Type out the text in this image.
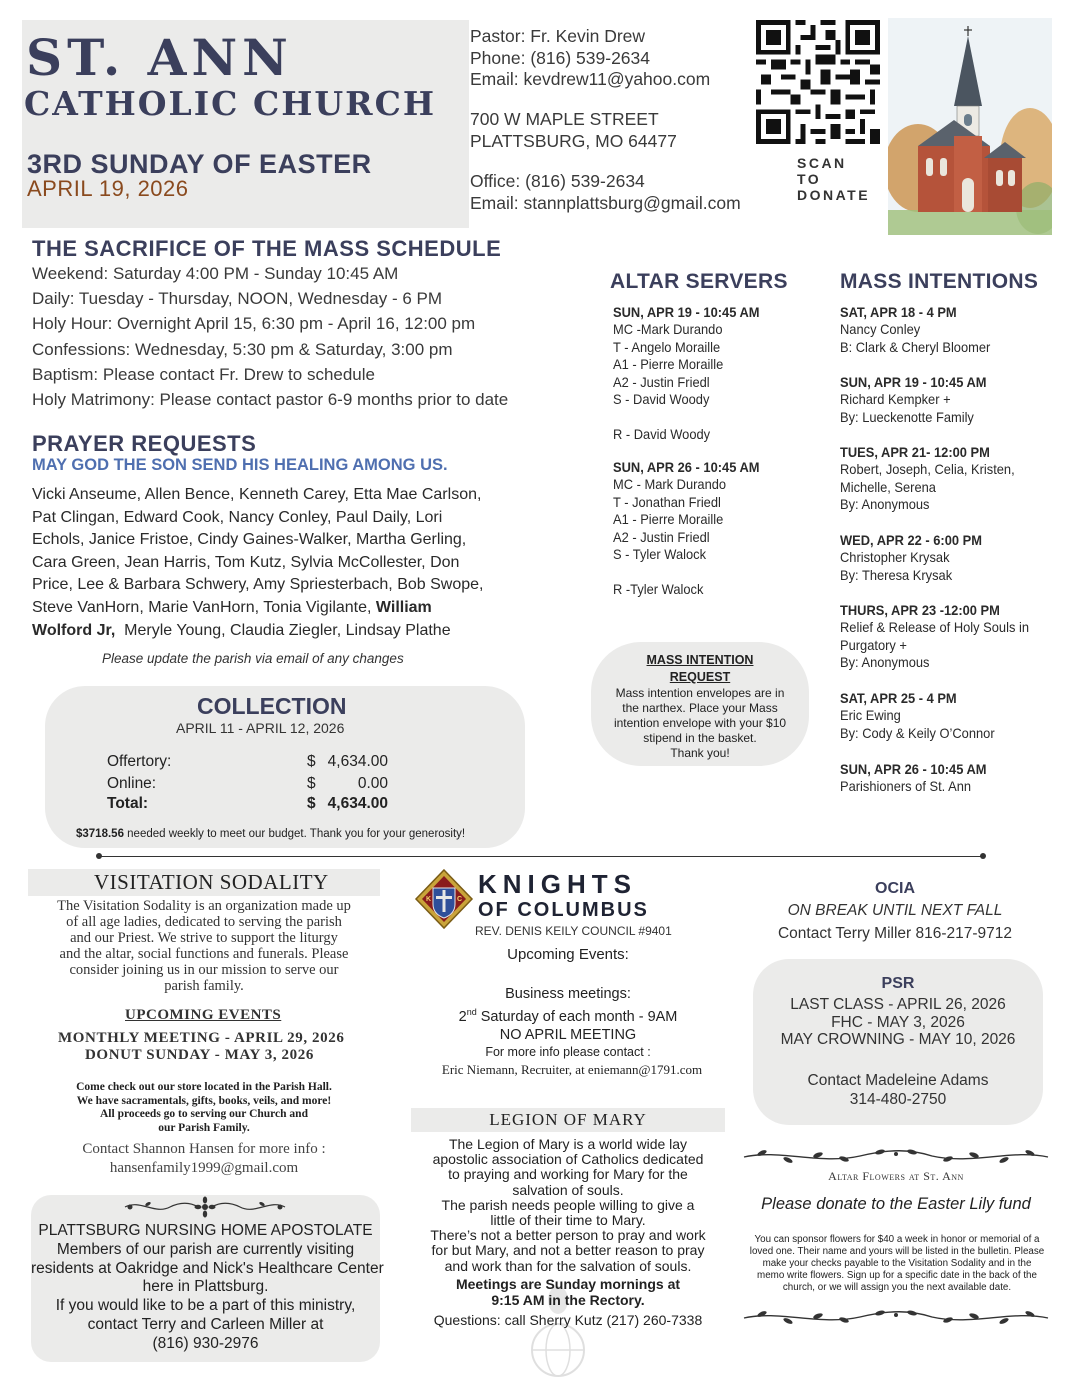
ST. ANN
CATHOLIC CHURCH
3RD SUNDAY OF EASTER
APRIL 19, 2026
Pastor: Fr. Kevin Drew
Phone: (816) 539-2634
Email: kevdrew11@yahoo.com
700 W MAPLE STREET
PLATTSBURG, MO 64477
Office: (816) 539-2634
Email: stannplattsburg@gmail.com
SCAN
TO
DONATE
THE SACRIFICE OF THE MASS SCHEDULE
Weekend: Saturday 4:00 PM - Sunday 10:45 AM
Daily: Tuesday - Thursday, NOON, Wednesday - 6 PM
Holy Hour: Overnight April 15, 6:30 pm - April 16, 12:00 pm
Confessions: Wednesday, 5:30 pm & Saturday, 3:00 pm
Baptism: Please contact Fr. Drew to schedule
Holy Matrimony: Please contact pastor 6-9 months prior to date
PRAYER REQUESTS
MAY GOD THE SON SEND HIS HEALING AMONG US.
Vicki Anseume, Allen Bence, Kenneth Carey, Etta Mae Carlson,
Pat Clingan, Edward Cook, Nancy Conley, Paul Daily, Lori
Echols, Janice Fristoe, Cindy Gaines-Walker, Martha Gerling,
Cara Green, Jean Harris, Tom Kutz, Sylvia McCollester, Don
Price, Lee & Barbara Schwery, Amy Spriesterbach, Bob Swope,
Steve VanHorn, Marie VanHorn, Tonia Vigilante, William
Wolford Jr,  Meryle Young, Claudia Ziegler, Lindsay Plathe
Please update the parish via email of any changes
COLLECTION
APRIL 11 - APRIL 12, 2026
Offertory:	$ 4,634.00
Online:	$	0.00
Total:	$ 4,634.00
$3718.56 needed weekly to meet our budget. Thank you for your generosity!
ALTAR SERVERS
SUN, APR 19 - 10:45 AM
MC -Mark Durando
T - Angelo Moraille
A1 - Pierre Moraille
A2 - Justin Friedl
S - David Woody

R - David Woody
SUN, APR 26 - 10:45 AM
MC - Mark Durando
T - Jonathan Friedl
A1 - Pierre Moraille
A2 - Justin Friedl
S - Tyler Walock

R -Tyler Walock
MASS INTENTION
REQUEST
Mass intention envelopes are in
the narthex. Place your Mass
intention envelope with your $10
stipend in the basket.
Thank you!
MASS INTENTIONS
SAT, APR 18 - 4 PM
Nancy Conley
B: Clark & Cheryl Bloomer
SUN, APR 19 - 10:45 AM
Richard Kempker +
By: Lueckenotte Family
TUES, APR 21- 12:00 PM
Robert, Joseph, Celia, Kristen,
Michelle, Serena
By: Anonymous
WED, APR 22 - 6:00 PM
Christopher Krysak
By: Theresa Krysak
THURS, APR 23 -12:00 PM
Relief & Release of Holy Souls in
Purgatory +
By: Anonymous
SAT, APR 25 - 4 PM
Eric Ewing
By: Cody & Keily O’Connor
SUN, APR 26 - 10:45 AM
Parishioners of St. Ann
VISITATION SODALITY
The Visitation Sodality is an organization made up
of all age ladies, dedicated to serving the parish
and our Priest. We strive to support the liturgy
and the altar, social functions and funerals. Please
consider joining us in our mission to serve our
parish family.
UPCOMING EVENTS
MONTHLY MEETING - APRIL 29, 2026
DONUT SUNDAY - MAY 3, 2026
Come check out our store located in the Parish Hall.
We have sacramentals, gifts, books, veils, and more!
All proceeds go to serving our Church and
our Parish Family.
Contact Shannon Hansen for more info :
hansenfamily1999@gmail.com
PLATTSBURG NURSING HOME APOSTOLATE
Members of our parish are currently visiting
residents at Oakridge and Nick's Healthcare Center
here in Plattsburg.
If you would like to be a part of this ministry,
contact Terry and Carleen Miller at
(816) 930-2976
K	C
KNIGHTS
OF COLUMBUS
REV. DENIS KEILY COUNCIL #9401
Upcoming Events:
Business meetings:
2nd Saturday of each month - 9AM
NO APRIL MEETING
For more info please contact :
Eric Niemann, Recruiter, at eniemann@1791.com
LEGION OF MARY
The Legion of Mary is a world wide lay
apostolic association of Catholics dedicated
to praying and working for Mary for the
salvation of souls.
The parish needs people willing to give a
little of their time to Mary.
There’s not a better person to pray and work
for but Mary, and not a better reason to pray
and work than for the salvation of souls.
Meetings are Sunday mornings at
9:15 AM in the Rectory.
Questions: call Sherry Kutz (217) 260-7338
OCIA
ON BREAK UNTIL NEXT FALL
Contact Terry Miller 816-217-9712
PSR
LAST CLASS - APRIL 26, 2026
FHC - MAY 3, 2026
MAY CROWNING - MAY 10, 2026
Contact Madeleine Adams
314-480-2750
Altar Flowers at St. Ann
Please donate to the Easter Lily fund
You can sponsor flowers for $40 a week in honor or memorial of a
loved one. Their name and yours will be listed in the bulletin. Please
make your checks payable to the Visitation Sodality and in the
memo write flowers. Sign up for a specific date in the back of the
church, or we will assign you the next available date.
